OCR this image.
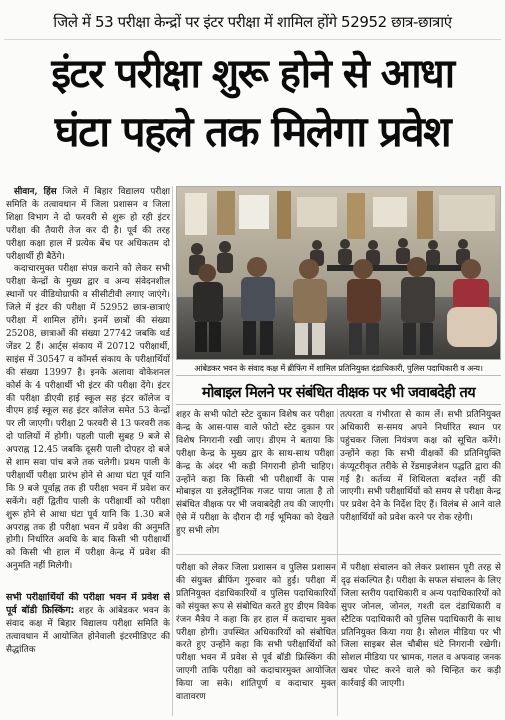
जिले में 53 परीक्षा केन्द्रों पर इंटर परीक्षा में शामिल होंगे 52952 छात्र-छात्राएं
इंटर परीक्षा शुरू होने से आधा
घंटा पहले तक मिलेगा प्रवेश

सीवान, हिंस जिले में बिहार विद्यालय परीक्षा समिति के तत्वावधान में जिला प्रशासन व जिला शिक्षा विभाग ने दो फरवरी से शुरू हो रही इंटर परीक्षा की तैयारी तेज कर दी है। पूर्व की तरह परीक्षा कक्षा हाल में प्रत्येक बेंच पर अधिकतम दो परीक्षार्थी ही बैठेंगे।

कदाचारमुक्त परीक्षा संपन्न कराने को लेकर सभी परीक्षा केन्द्रों के मुख्य द्वार व अन्य संवेदनशील स्थानों पर वीडियोग्राफी व सीसीटीवी लगाए जाएंगे। जिले में इंटर की परीक्षा में 52952 छात्र-छात्राएं परीक्षा में शामिल होंगे। इनमें छात्रों की संख्या 25208, छात्राओं की संख्या 27742 जबकि थर्ड जेंडर 2 हैं। आर्ट्स संकाय में 20712 परीक्षार्थी, साइंस में 30547 व कॉमर्स संकाय के परीक्षार्थियों की संख्या 13997 है। इनके अलावा वोकेशनल कोर्स के 4 परीक्षार्थी भी इंटर की परीक्षा देंगे। इंटर की परीक्षा डीएवी हाई स्कूल सह इंटर कॉलेज व वीएम हाई स्कूल सह इंटर कॉलेज समेत 53 केन्द्रों पर ली जाएगी। परीक्षा 2 फरवरी से 13 फरवरी तक दो पालियों में होगी। पहली पाली सुबह 9 बजे से अपराह्न 12.45 जबकि दूसरी पाली दोपहर दो बजे से शाम सवा पांच बजे तक चलेगी। प्रथम पाली के परीक्षार्थी परीक्षा प्रारंभ होने से आधा घंटा पूर्व यानि कि 9 बजे पूर्वाह्न तक ही परीक्षा भवन में प्रवेश कर सकेंगे। वहीं द्वितीय पाली के परीक्षार्थी को परीक्षा शुरू होने से आधा घंटा पूर्व यानि कि 1.30 बजे अपराह्न तक ही परीक्षा भवन में प्रवेश की अनुमति होगी। निर्धारित अवधि के बाद किसी भी परीक्षार्थी को किसी भी हाल में परीक्षा केन्द्र में प्रवेश की अनुमति नहीं मिलेगी।

सभी परीक्षार्थियों की परीक्षा भवन में प्रवेश से पूर्व बॉडी फ्रिस्किंग: शहर के आंबेडकर भवन के संवाद कक्ष में बिहार विद्यालय परीक्षा समिति के तत्वावधान में आयोजित होनेवाली इंटरमीडिएट की सैद्धांतिक

आंबेडकर भवन के संवाद कक्ष में ब्रीफिंग में शामिल प्रतिनियुक्त दंडाधिकारी, पुलिस पदाधिकारी व अन्य।
मोबाइल मिलने पर संबंधित वीक्षक पर भी जवाबदेही तय

शहर के सभी फोटो स्टेट दुकान विशेष कर परीक्षा केन्द्र के आस-पास वाले फोटो स्टेट दुकान पर विशेष निगरानी रखी जाए। डीएम ने बताया कि परीक्षा केन्द्र के मुख्य द्वार के साथ-साथ परीक्षा केन्द्र के अंदर भी कड़ी निगरानी होनी चाहिए। उन्होंने कहा कि किसी भी परीक्षार्थी के पास मोबाइल या इलेक्ट्रॉनिक गजट पाया जाता है तो संबंधित वीक्षक पर भी जवाबदेही तय की जाएगी। ऐसे में परीक्षा के दौरान दी गई भूमिका को देखते हुए सभी लोग

तत्परता व गंभीरता से काम लें। सभी प्रतिनियुक्त अधिकारी स-समय अपने निर्धारित स्थान पर पहुंचकर जिला नियंत्रण कक्ष को सूचित करेंगे। उन्होंने कहा कि सभी वीक्षकों की प्रतिनियुक्ति कंप्यूटरीकृत तरीके से रेंडमाइजेशन पद्धति द्वारा की गई है। कर्तव्य में शिथिलता बर्दाश्त नहीं की जाएगी। सभी परीक्षार्थियों को समय से परीक्षा केन्द्र पर प्रवेश देने के निर्देश दिए हैं। विलंब से आने वाले परीक्षार्थियों को प्रवेश करने पर रोक रहेगी।

परीक्षा को लेकर जिला प्रशासन व पुलिस प्रशासन की संयुक्त ब्रीफिंग गुरुवार को हुई। परीक्षा में प्रतिनियुक्त दंडाधिकारियों व पुलिस पदाधिकारियों को संयुक्त रूप से संबोधित करते हुए डीएम विवेक रंजन मैत्रेय ने कहा कि हर हाल में कदाचार मुक्त परीक्षा होगी। उपस्थित अधिकारियों को संबोधित करते हुए उन्होंने कहा कि सभी परीक्षार्थियों को परीक्षा भवन में प्रवेश से पूर्व बॉडी फ्रिस्किंग की जाएगी ताकि परीक्षा को कदाचारमुक्त आयोजित किया जा सके। शांतिपूर्ण व कदाचार मुक्त वातावरण

में परीक्षा संचालन को लेकर प्रशासन पूरी तरह से दृढ़ संकल्पित है। परीक्षा के सफल संचालन के लिए जिला स्तरीय पदाधिकारी व अन्य पदाधिकारियों को सुपर जोनल, जोनल, गश्ती दल दंडाधिकारी व स्टैटिक पदाधिकारी को पुलिस पदाधिकारी के साथ प्रतिनियुक्त किया गया है। सोशल मीडिया पर भी जिला साइबर सेल चौबीस घंटे निगरानी रखेगी। सोशल मीडिया पर भ्रामक, गलत व अफवाह जनक खबर पोस्ट करने वाले को चिन्हित कर कड़ी कार्रवाई की जाएगी।
